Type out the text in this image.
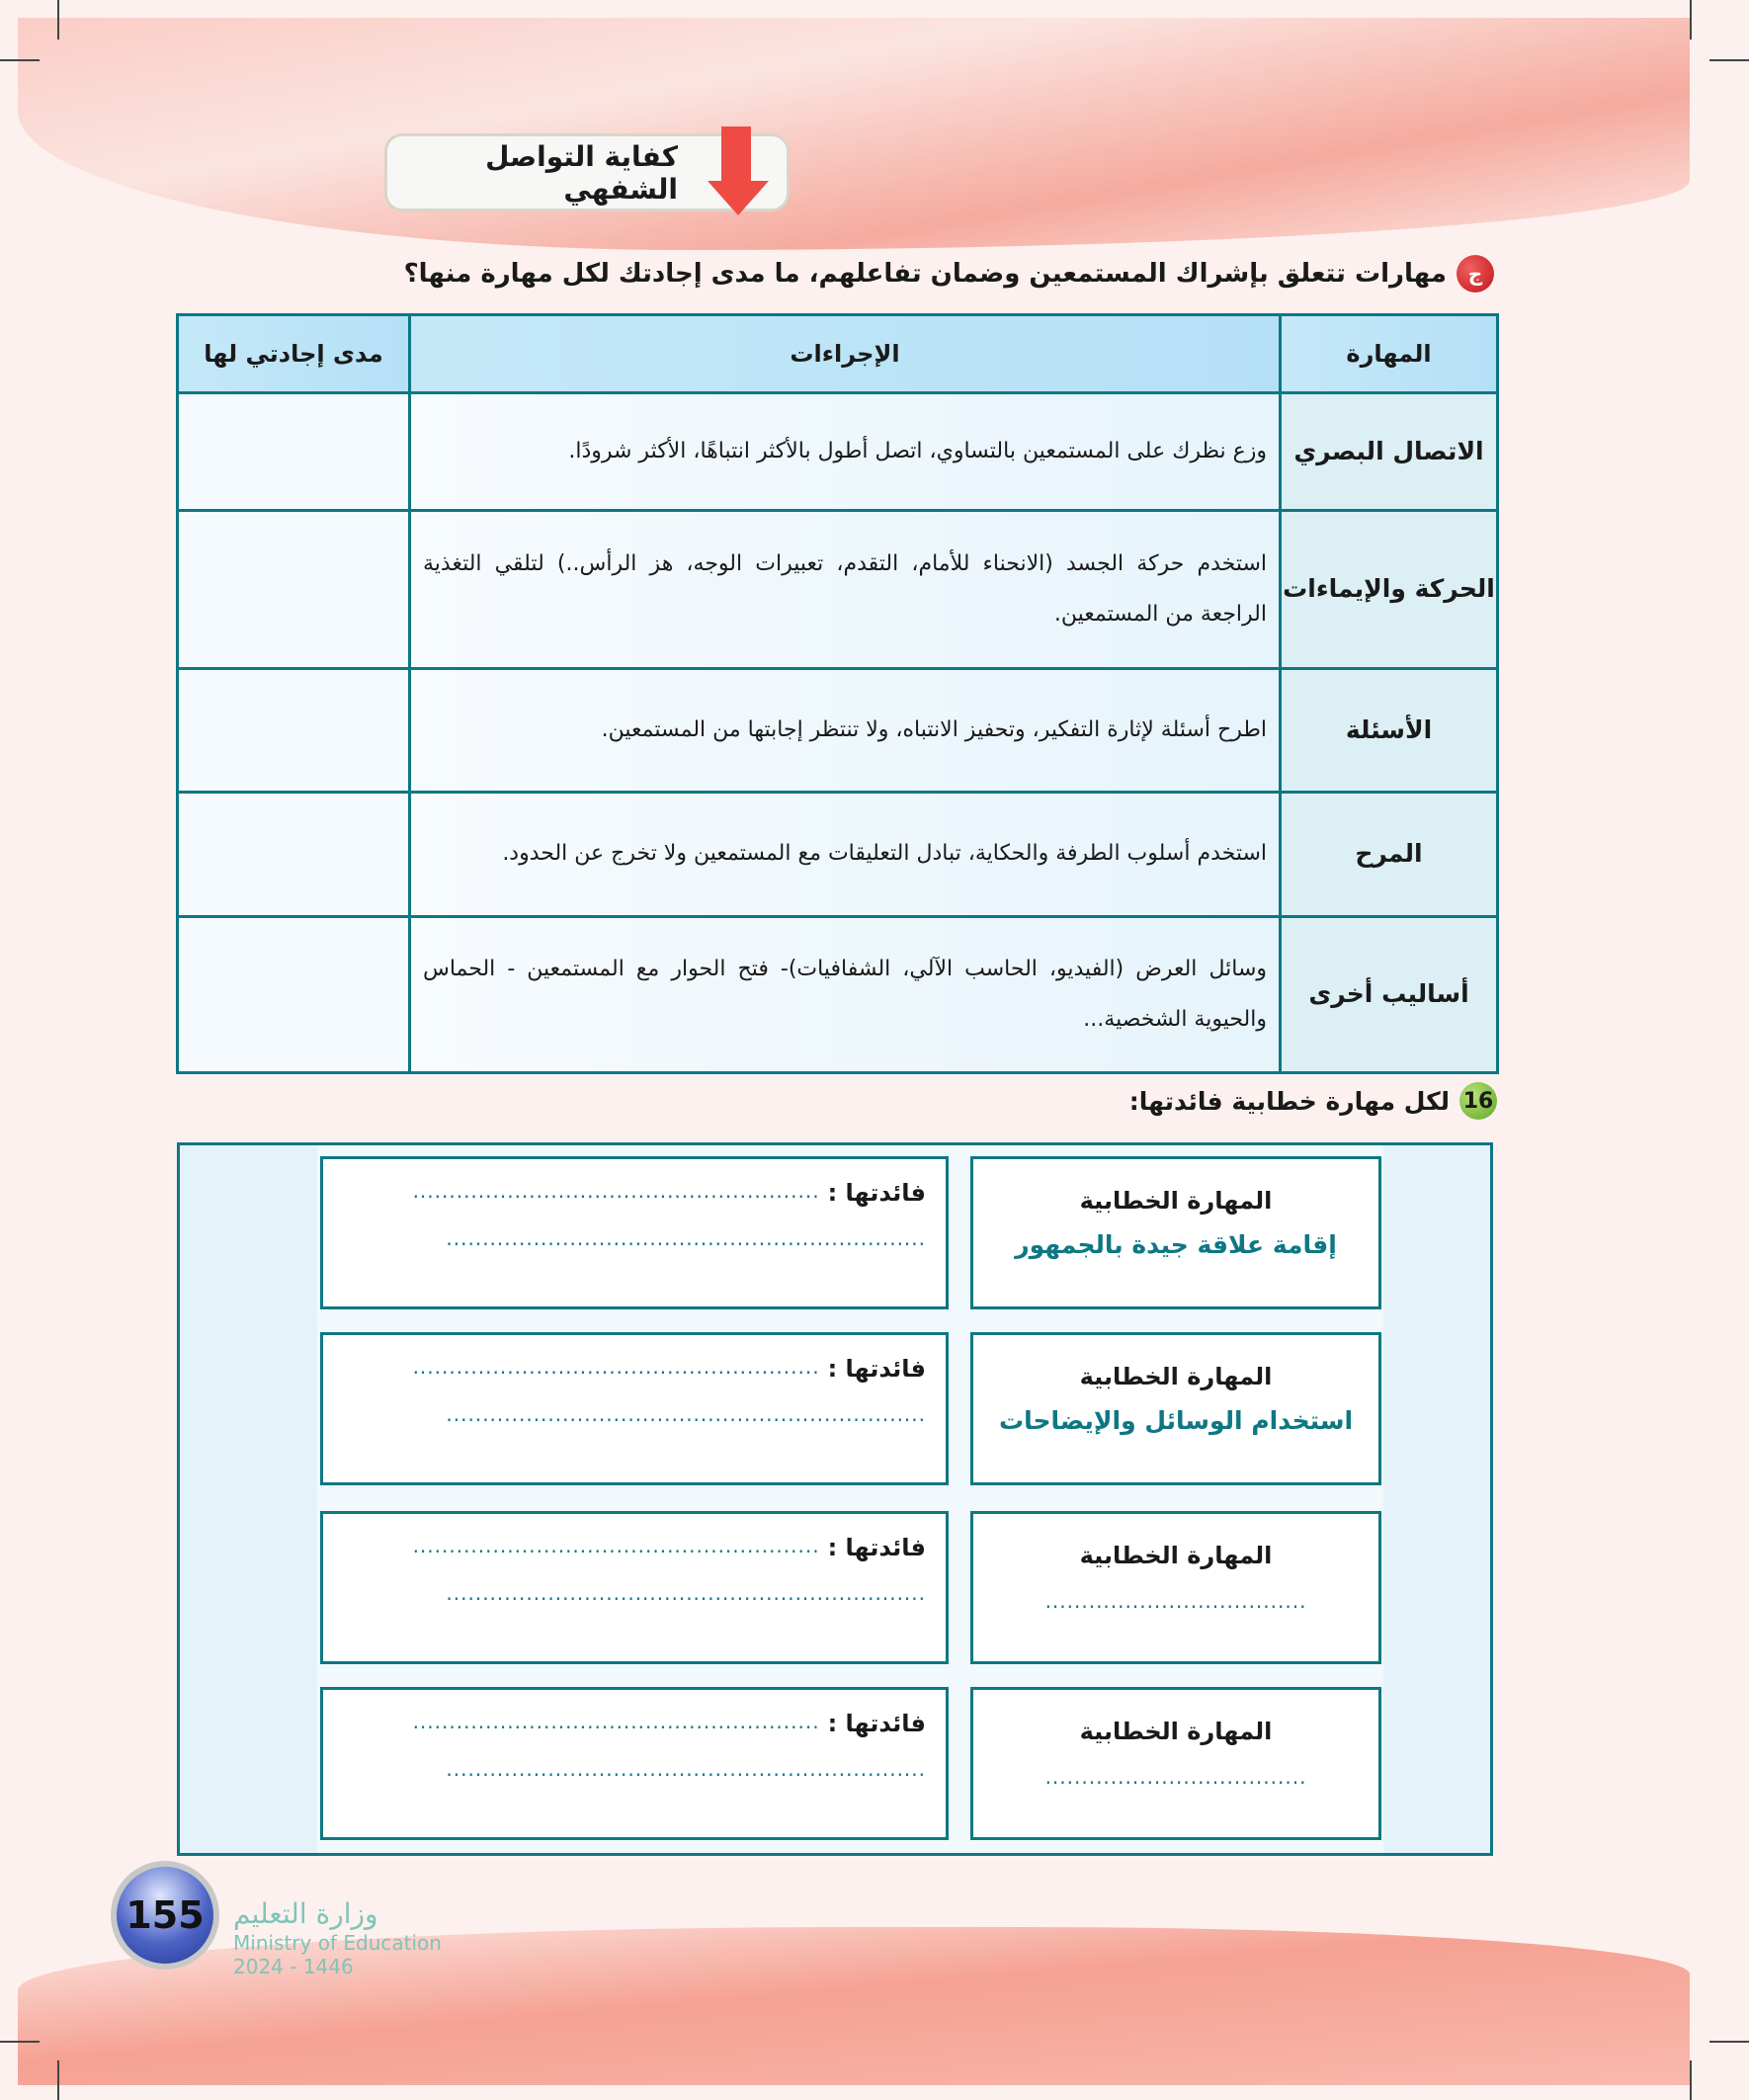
كفاية التواصل الشفهي
ج
مهارات تتعلق بإشراك المستمعين وضمان تفاعلهم، ما مدى إجادتك لكل مهارة منها؟
المهارة	الإجراءات	مدى إجادتي لها
الاتصال البصري	وزع نظرك على المستمعين بالتساوي، اتصل أطول بالأكثر انتباهًا، الأكثر شرودًا.	
الحركة والإيماءات	استخدم حركة الجسد (الانحناء للأمام، التقدم، تعبيرات الوجه، هز الرأس..) لتلقي التغذية الراجعة من المستمعين.	
الأسئلة	اطرح أسئلة لإثارة التفكير، وتحفيز الانتباه، ولا تنتظر إجابتها من المستمعين.	
المرح	استخدم أسلوب الطرفة والحكاية، تبادل التعليقات مع المستمعين ولا تخرج عن الحدود.	
أساليب أخرى	وسائل العرض (الفيديو، الحاسب الآلي، الشفافيات)- فتح الحوار مع المستمعين - الحماس والحيوية الشخصية...	
16
لكل مهارة خطابية فائدتها:
المهارة الخطابية
إقامة علاقة جيدة بالجمهور
فائدتها :
........................................................
..................................................................
المهارة الخطابية
استخدام الوسائل والإيضاحات
فائدتها :
........................................................
..................................................................
المهارة الخطابية
....................................
فائدتها :
........................................................
..................................................................
المهارة الخطابية
....................................
فائدتها :
........................................................
..................................................................
155 وزارة التعليم
Ministry of Education
2024 - 1446
